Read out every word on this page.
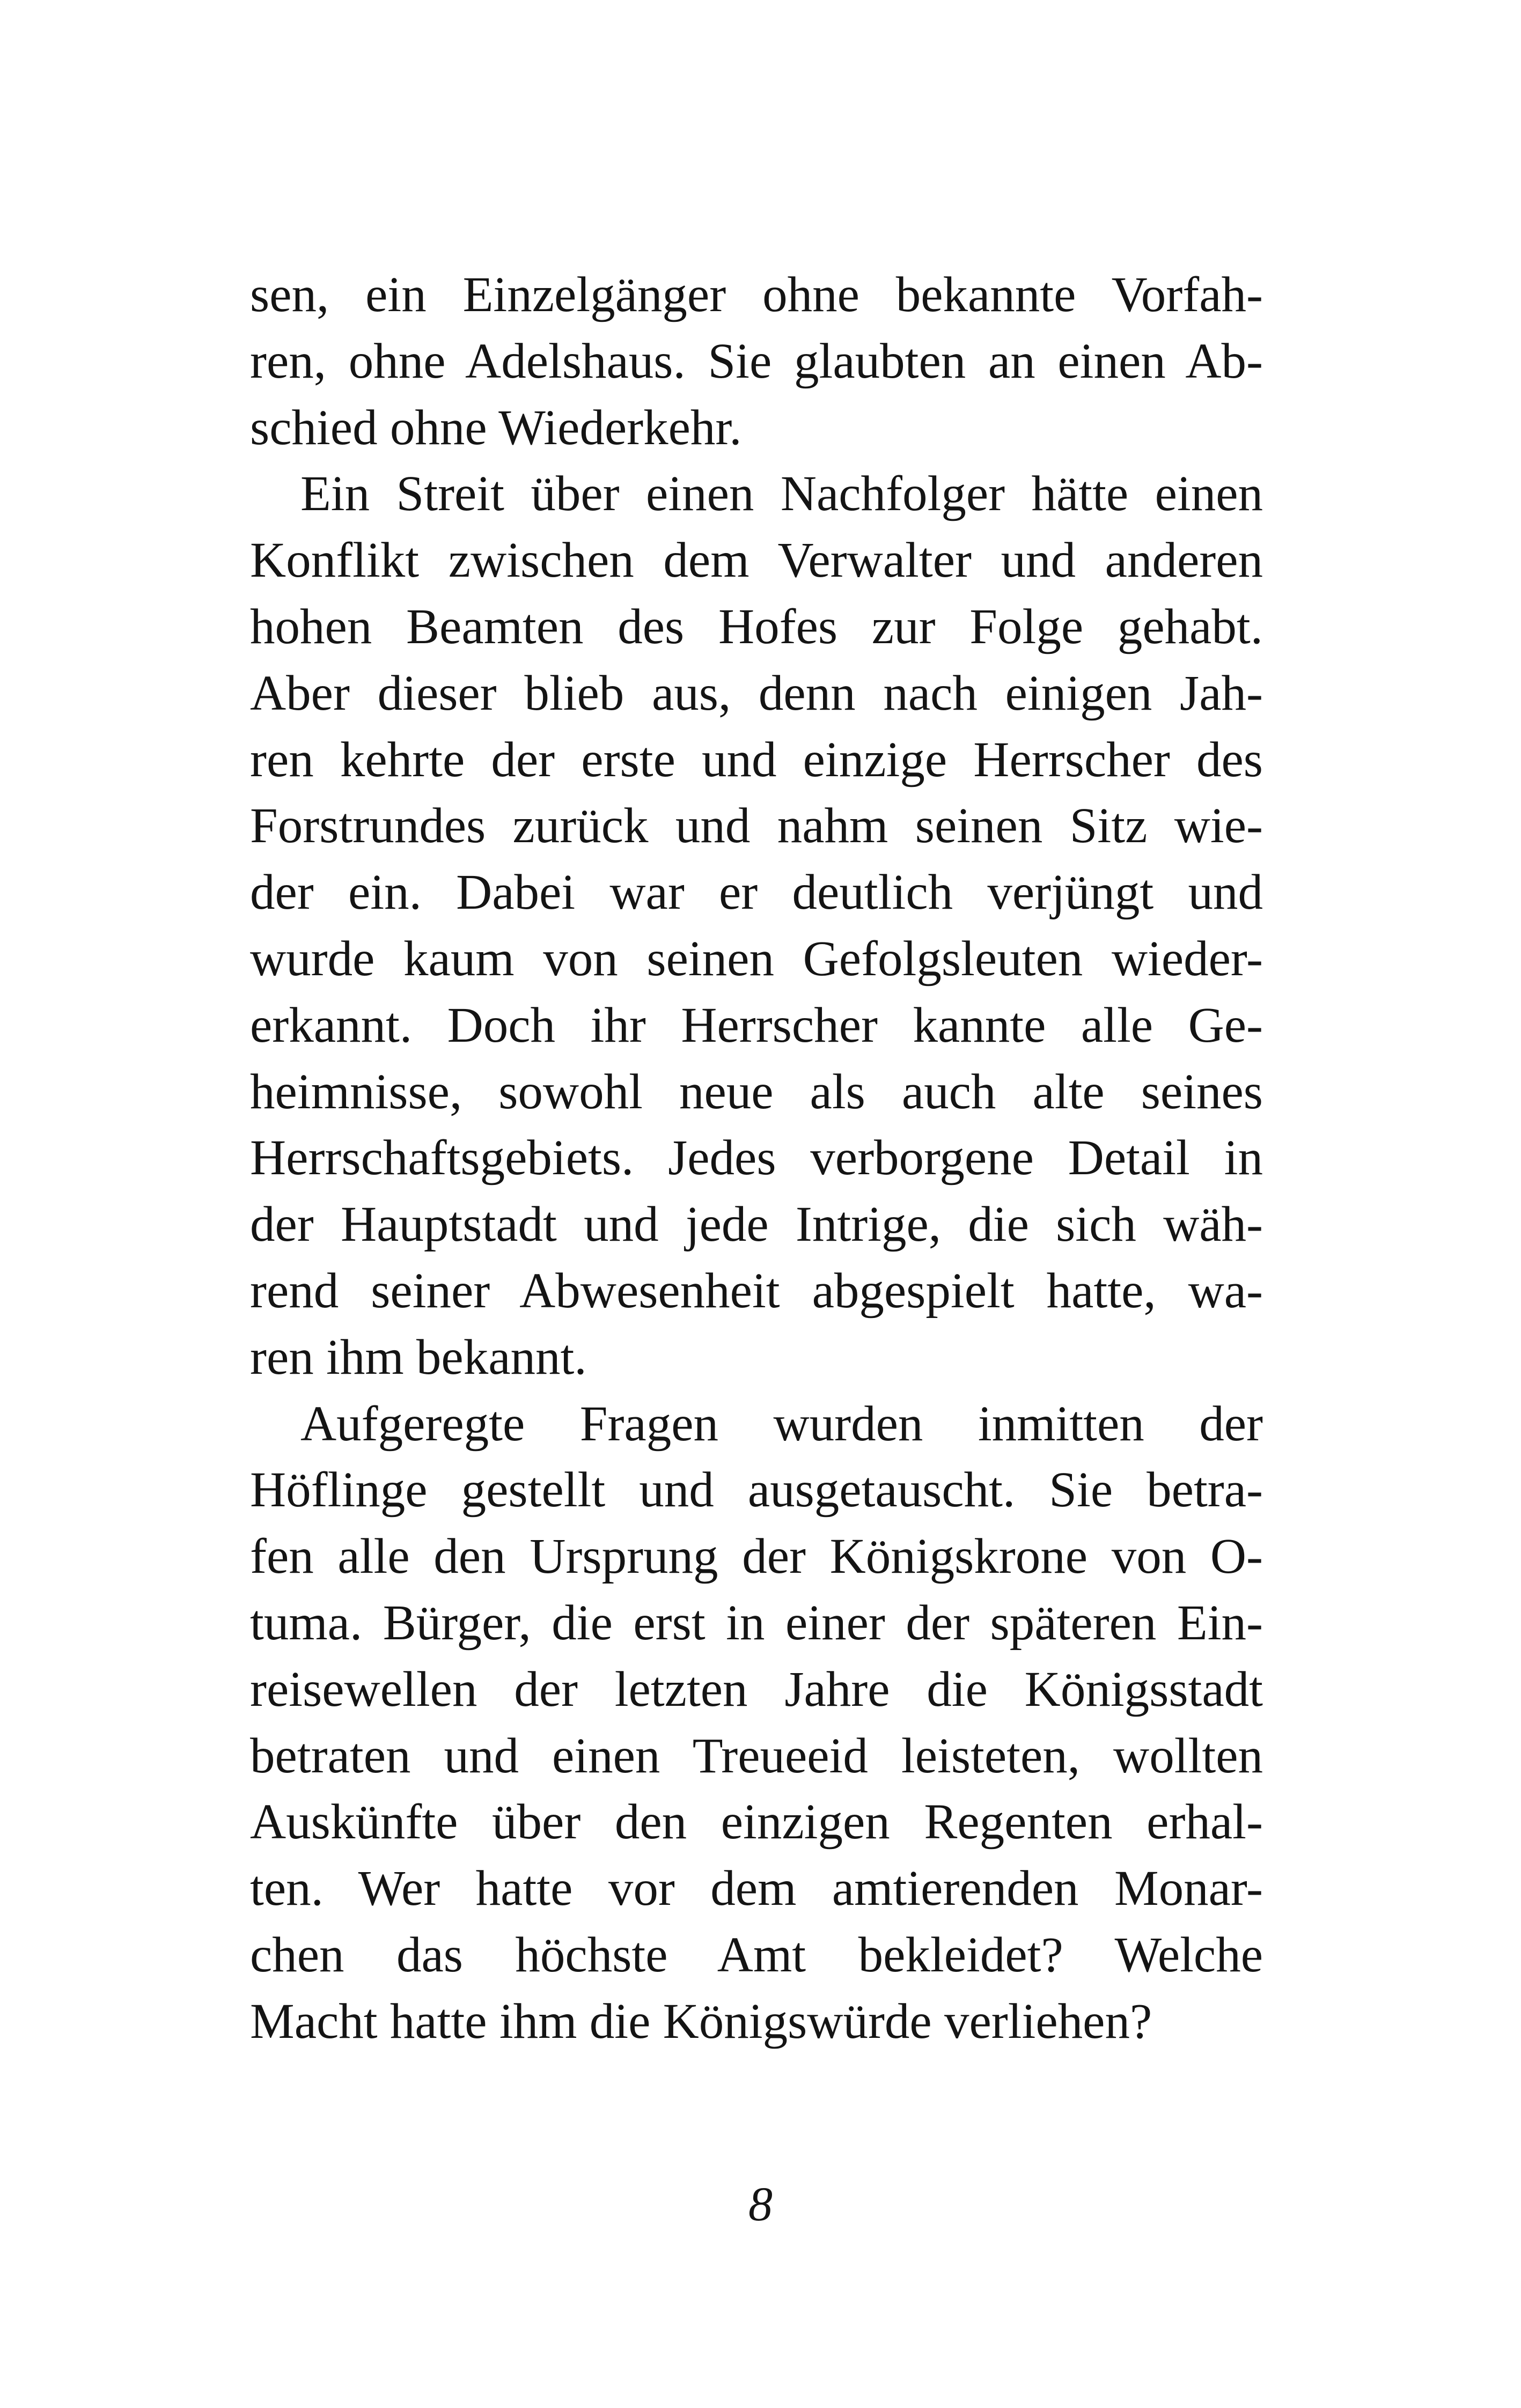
sen, ein Einzelgänger ohne bekannte Vorfah-
ren, ohne Adelshaus. Sie glaubten an einen Ab-
schied ohne Wiederkehr.
Ein Streit über einen Nachfolger hätte einen
Konflikt zwischen dem Verwalter und anderen
hohen Beamten des Hofes zur Folge gehabt.
Aber dieser blieb aus, denn nach einigen Jah-
ren kehrte der erste und einzige Herrscher des
Forstrundes zurück und nahm seinen Sitz wie-
der ein. Dabei war er deutlich verjüngt und
wurde kaum von seinen Gefolgsleuten wieder-
erkannt. Doch ihr Herrscher kannte alle Ge-
heimnisse, sowohl neue als auch alte seines
Herrschaftsgebiets. Jedes verborgene Detail in
der Hauptstadt und jede Intrige, die sich wäh-
rend seiner Abwesenheit abgespielt hatte, wa-
ren ihm bekannt.
Aufgeregte Fragen wurden inmitten der
Höflinge gestellt und ausgetauscht. Sie betra-
fen alle den Ursprung der Königskrone von O-
tuma. Bürger, die erst in einer der späteren Ein-
reisewellen der letzten Jahre die Königsstadt
betraten und einen Treueeid leisteten, wollten
Auskünfte über den einzigen Regenten erhal-
ten. Wer hatte vor dem amtierenden Monar-
chen das höchste Amt bekleidet? Welche
Macht hatte ihm die Königswürde verliehen?
8
